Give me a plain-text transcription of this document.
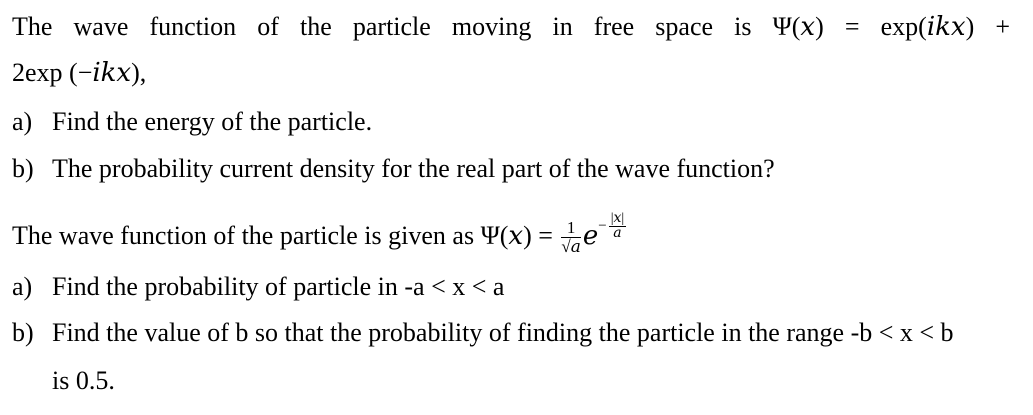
The wave function of the particle moving in free space is Ψ(𝑥) = exp(𝑖𝑘𝑥) +
2exp (−𝑖𝑘𝑥),
a) Find the energy of the particle.
b) The probability current density for the real part of the wave function?
The wave function of the particle is given as Ψ(𝑥) = $\frac{1}{\text{√𝑎}}$ 𝑒− $\frac{\text{|𝑥|}}{\text{𝑎}}$
a) Find the probability of particle in -a < x < a
b) Find the value of b so that the probability of finding the particle in the range -b < x < b
is 0.5.
